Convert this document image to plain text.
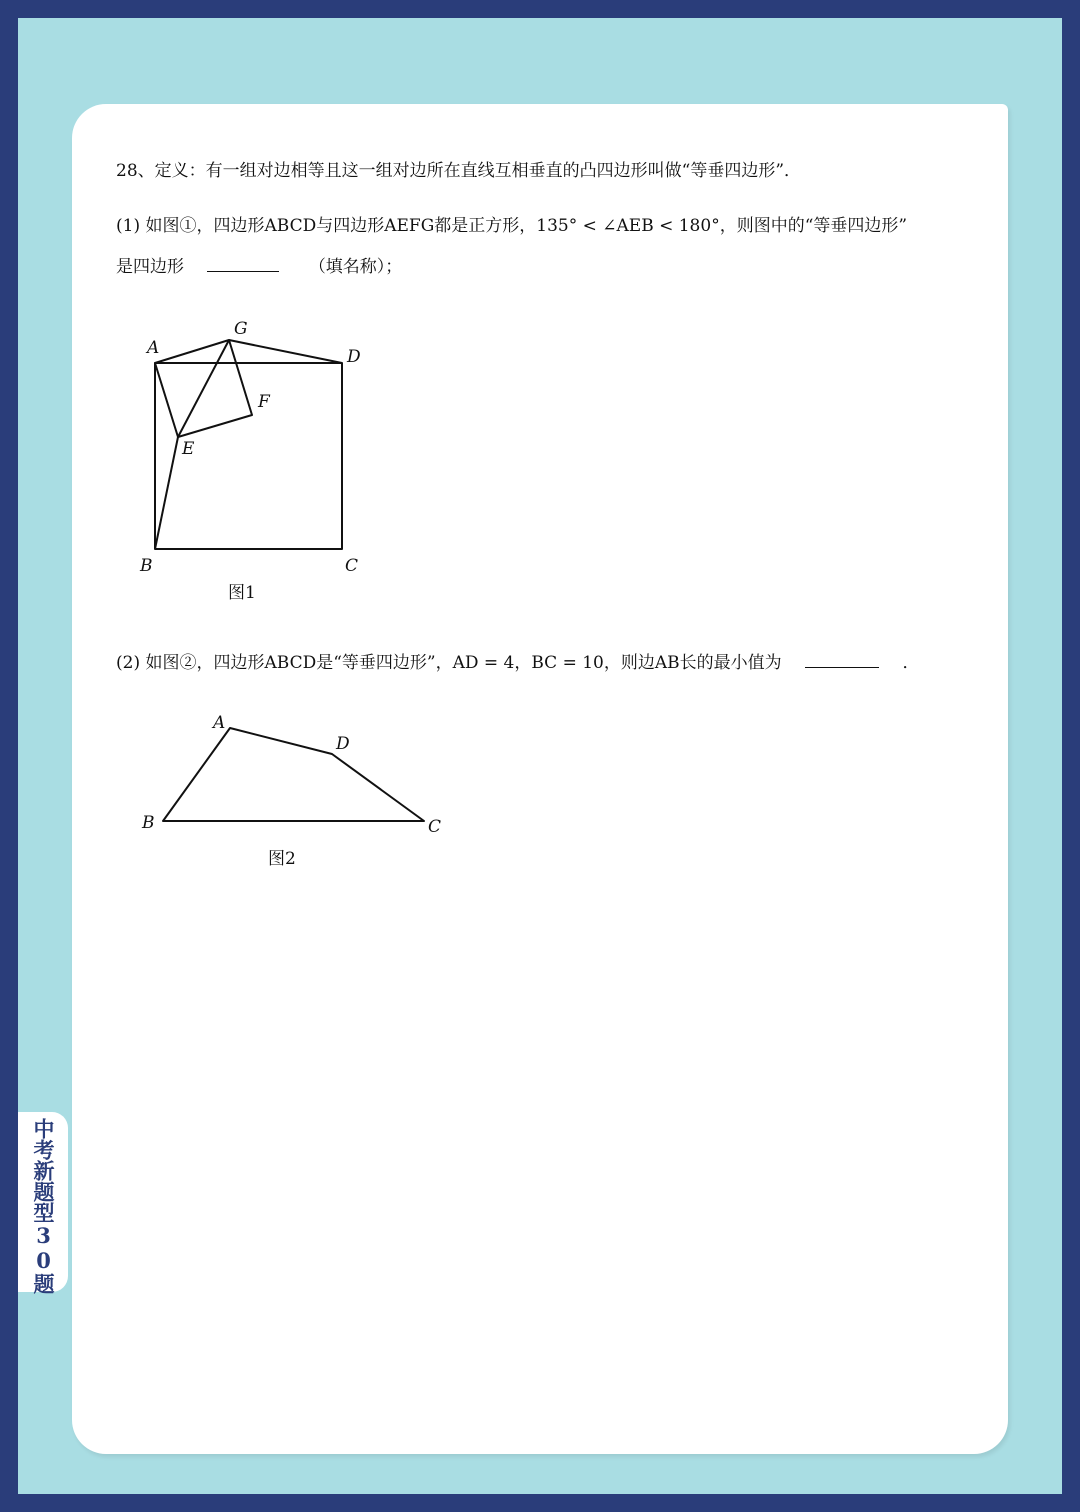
中考新题型30题
28、定义：有一组对边相等且这一组对边所在直线互相垂直的凸四边形叫做“等垂四边形”．
(1) 如图①，四边形ABCD与四边形AEFG都是正方形，135° < ∠AEB < 180°，则图中的“等垂四边形”
是四边形	（填名称）；
A
G
D
F
E
B	C
图1
(2) 如图②，四边形ABCD是“等垂四边形”，AD = 4，BC = 10，则边AB长的最小值为	．
A
D
B	C
图2
